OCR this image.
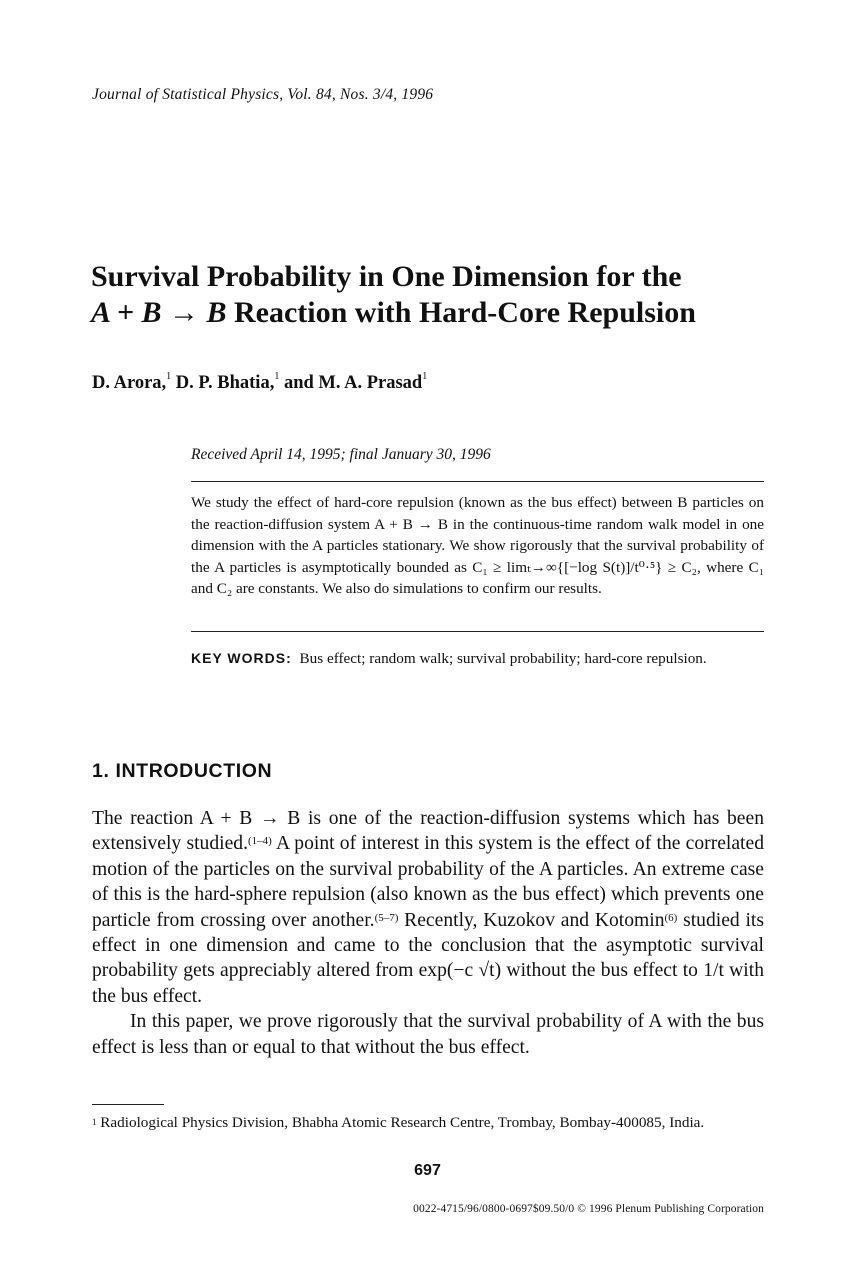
Journal of Statistical Physics, Vol. 84, Nos. 3/4, 1996
Survival Probability in One Dimension for the
A + B → B Reaction with Hard-Core Repulsion
D. Arora,$^1$ D. P. Bhatia,$^1$ and M. A. Prasad$^1$
Received April 14, 1995; final January 30, 1996
We study the effect of hard-core repulsion (known as the bus effect) between B particles on the reaction-diffusion system A + B → B in the continuous-time random walk model in one dimension with the A particles stationary. We show rigorously that the survival probability of the A particles is asymptotically bounded as C₁ ≥ limₜ→∞{[−log S(t)]/t⁰·⁵} ≥ C₂, where C₁ and C₂ are constants. We also do simulations to confirm our results.
KEY WORDS: Bus effect; random walk; survival probability; hard-core repulsion.
1. INTRODUCTION

The reaction A + B → B is one of the reaction-diffusion systems which has been extensively studied.$^{(1-4)}$ A point of interest in this system is the effect of the correlated motion of the particles on the survival probability of the A particles. An extreme case of this is the hard-sphere repulsion (also known as the bus effect) which prevents one particle from crossing over another.$^{(5-7)}$ Recently, Kuzokov and Kotomin$^{(6)}$ studied its effect in one dimension and came to the conclusion that the asymptotic survival probability gets appreciably altered from exp(−c √t) without the bus effect to 1/t with the bus effect.

In this paper, we prove rigorously that the survival probability of A with the bus effect is less than or equal to that without the bus effect.

$^1$ Radiological Physics Division, Bhabha Atomic Research Centre, Trombay, Bombay-400085, India.
697
0022-4715/96/0800-0697$09.50/0 © 1996 Plenum Publishing Corporation
